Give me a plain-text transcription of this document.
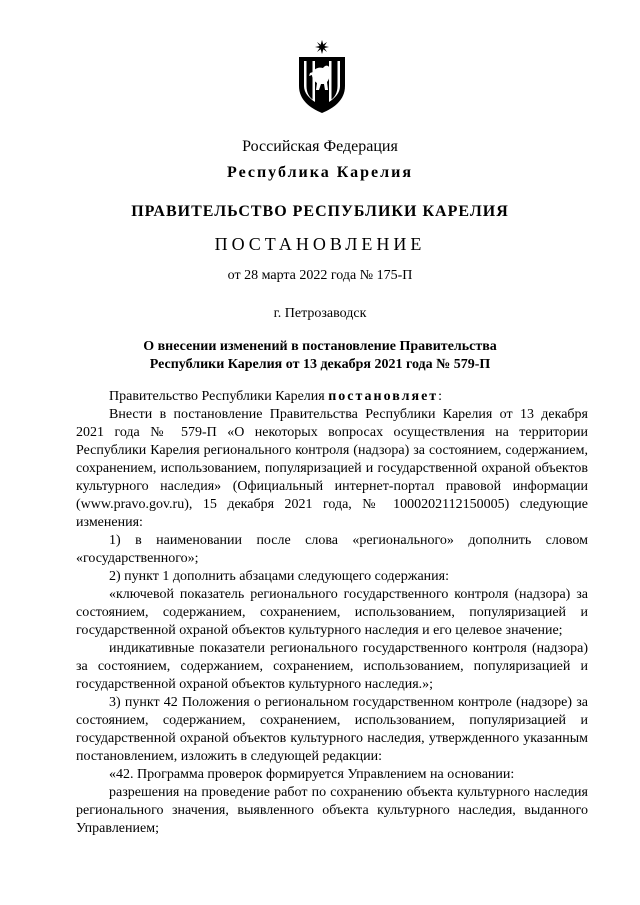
Российская Федерация
Республика Карелия
ПРАВИТЕЛЬСТВО РЕСПУБЛИКИ КАРЕЛИЯ
ПОСТАНОВЛЕНИЕ
от 28 марта 2022 года № 175-П
г. Петрозаводск
О внесении изменений в постановление Правительства
Республики Карелия от 13 декабря 2021 года № 579-П

Правительство Республики Карелия постановляет:

Внести в постановление Правительства Республики Карелия от 13 декабря 2021 года № 579-П «О некоторых вопросах осуществления на территории Республики Карелия регионального контроля (надзора) за состоянием, содержанием, сохранением, использованием, популяризацией и государственной охраной объектов культурного наследия» (Официальный интернет-портал правовой информации (www.pravo.gov.ru), 15 декабря 2021 года, № 1000202112150005) следующие изменения:

1) в наименовании после слова «регионального» дополнить словом «государственного»;

2) пункт 1 дополнить абзацами следующего содержания:

«ключевой показатель регионального государственного контроля (надзора) за состоянием, содержанием, сохранением, использованием, популяризацией и государственной охраной объектов культурного наследия и его целевое значение;

индикативные показатели регионального государственного контроля (надзора) за состоянием, содержанием, сохранением, использованием, популяризацией и государственной охраной объектов культурного наследия.»;

3) пункт 42 Положения о региональном государственном контроле (надзоре) за состоянием, содержанием, сохранением, использованием, популяризацией и государственной охраной объектов культурного наследия, утвержденного указанным постановлением, изложить в следующей редакции:

«42. Программа проверок формируется Управлением на основании:

разрешения на проведение работ по сохранению объекта культурного наследия регионального значения, выявленного объекта культурного наследия, выданного Управлением;
